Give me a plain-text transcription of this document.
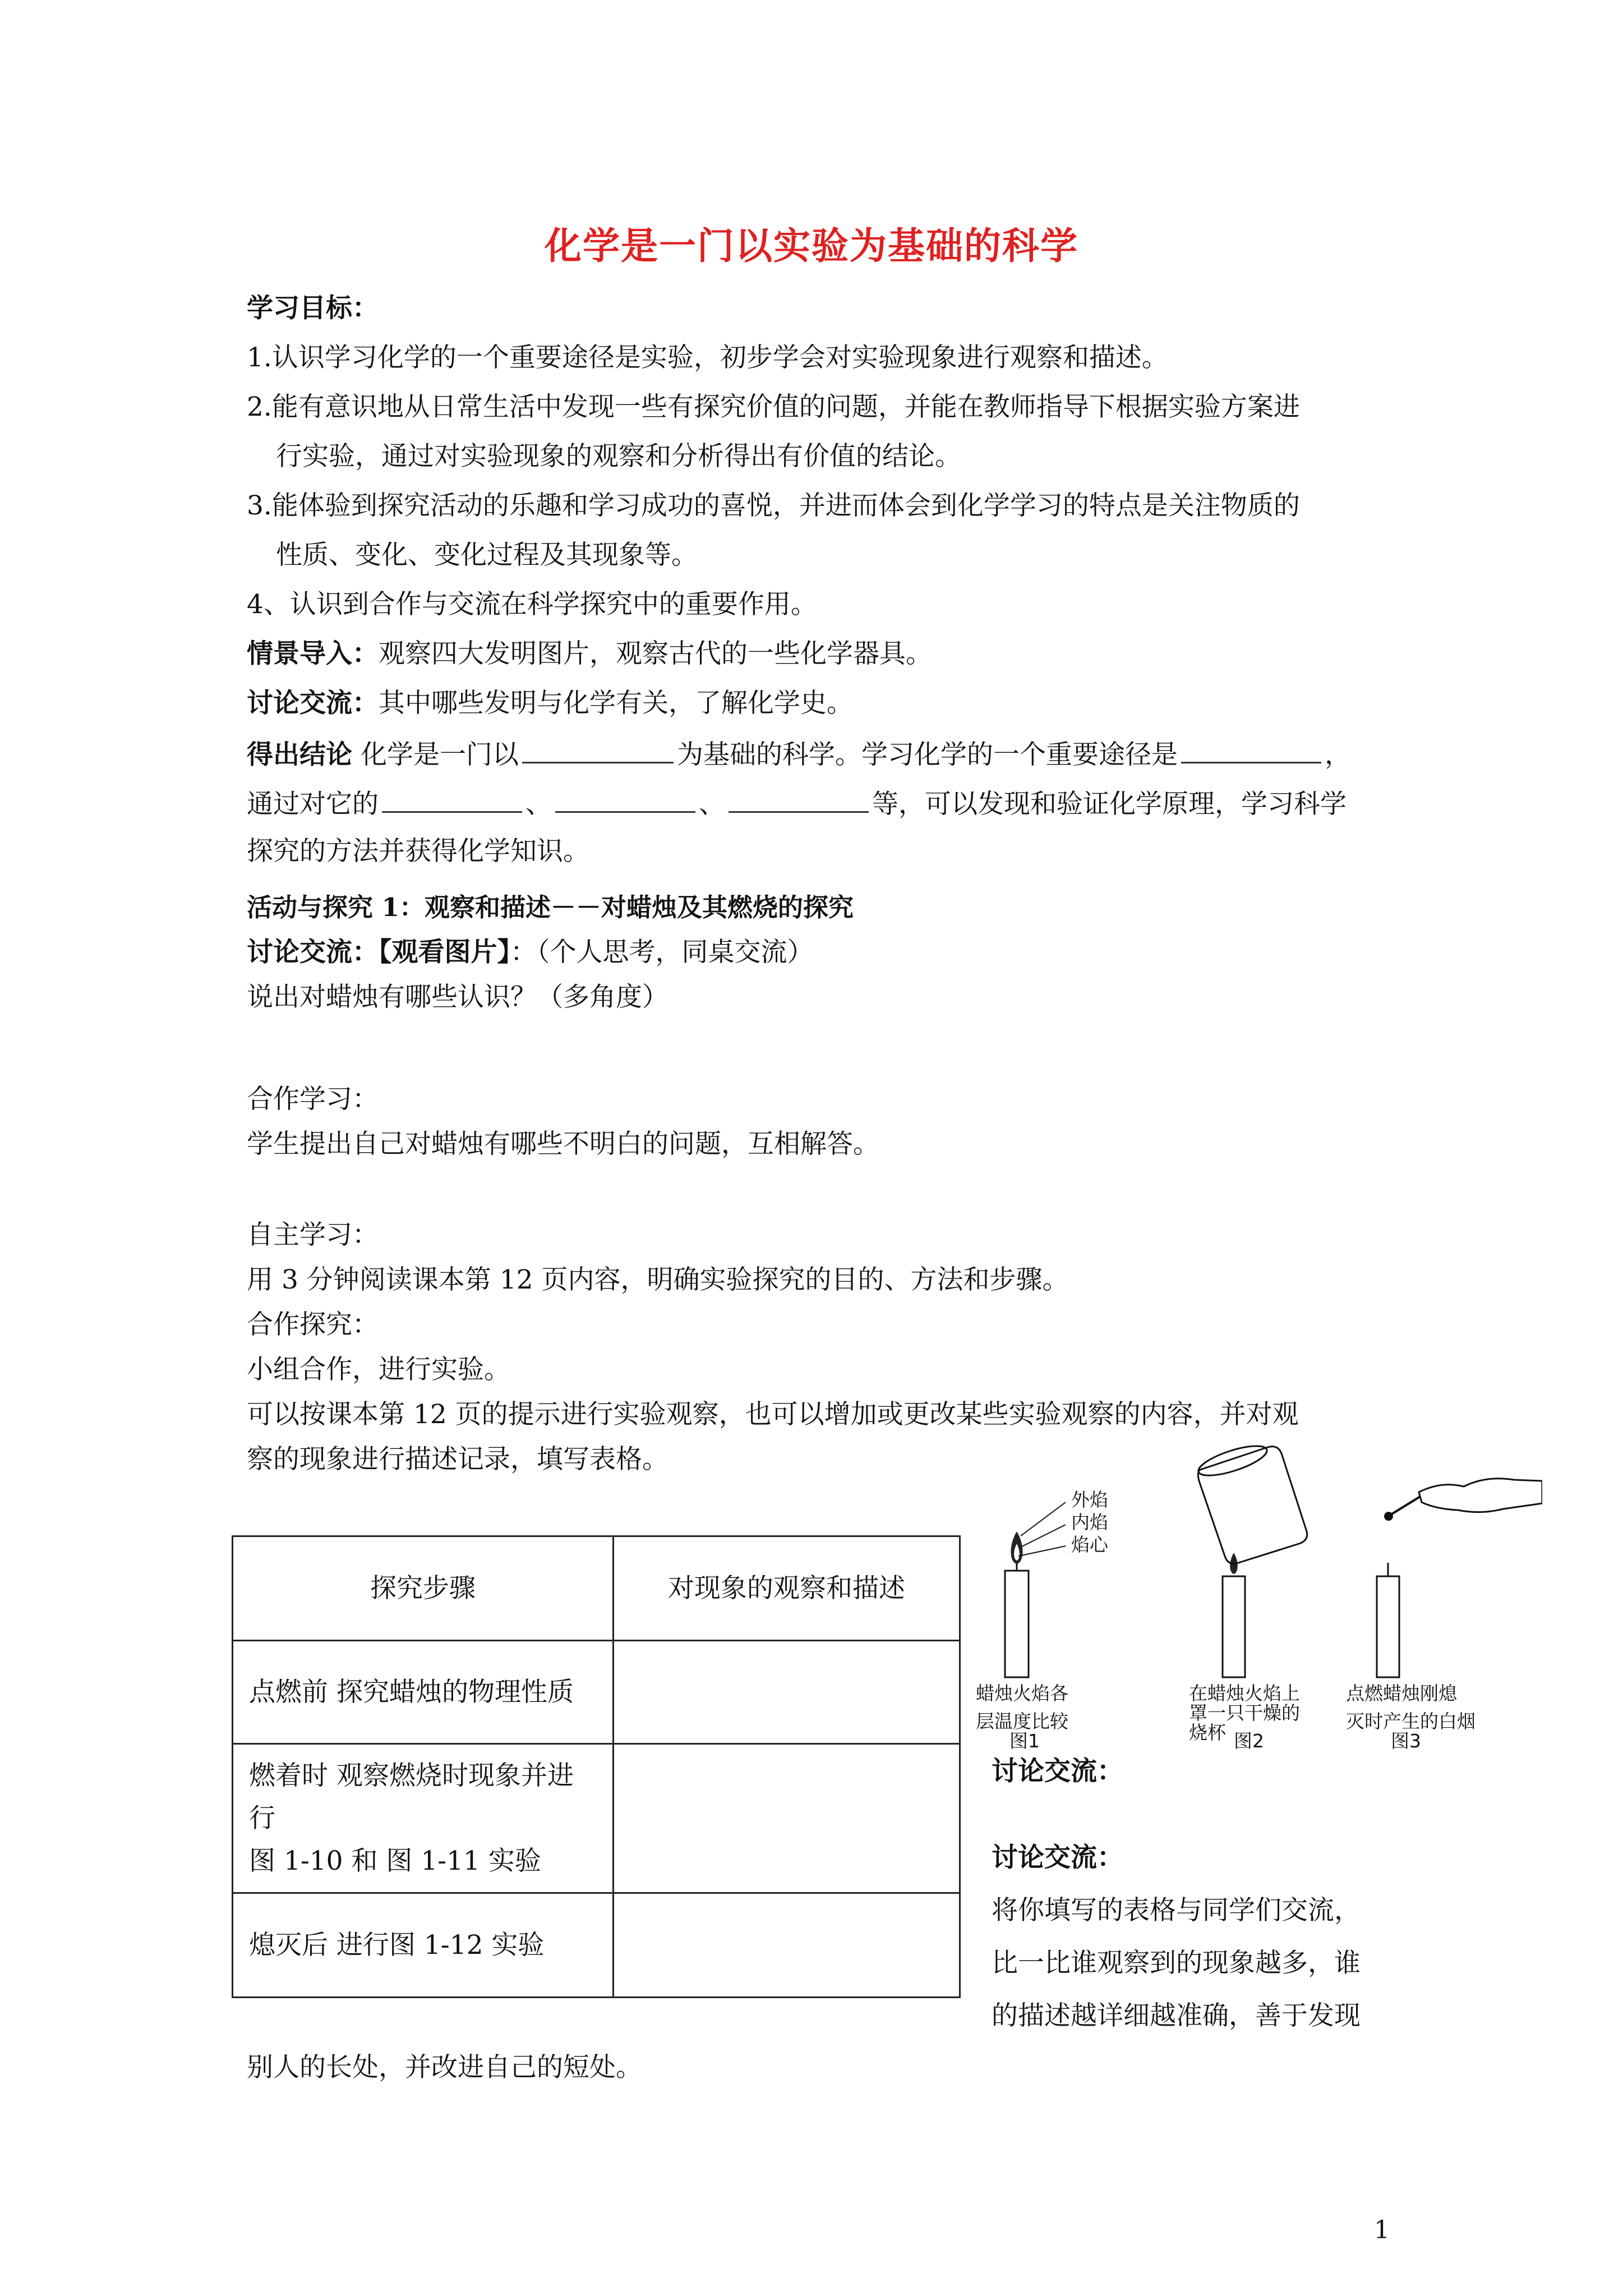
化学是一门以实验为基础的科学
学习目标：
1.认识学习化学的一个重要途径是实验，初步学会对实验现象进行观察和描述。
2.能有意识地从日常生活中发现一些有探究价值的问题，并能在教师指导下根据实验方案进
行实验，通过对实验现象的观察和分析得出有价值的结论。
3.能体验到探究活动的乐趣和学习成功的喜悦，并进而体会到化学学习的特点是关注物质的
性质、变化、变化过程及其现象等。
4、认识到合作与交流在科学探究中的重要作用。
情景导入：观察四大发明图片，观察古代的一些化学器具。
讨论交流：其中哪些发明与化学有关，了解化学史。
得出结论 化学是一门以	为基础的科学。学习化学的一个重要途径是	，
通过对它的	、	、	等，可以发现和验证化学原理，学习科学
探究的方法并获得化学知识。
活动与探究 1：观察和描述－－对蜡烛及其燃烧的探究
讨论交流：【观看图片】：（个人思考，同桌交流）
说出对蜡烛有哪些认识？（多角度）
合作学习：
学生提出自己对蜡烛有哪些不明白的问题，互相解答。
自主学习：
用 3 分钟阅读课本第 12 页内容，明确实验探究的目的、方法和步骤。
合作探究：
小组合作，进行实验。
可以按课本第 12 页的提示进行实验观察，也可以增加或更改某些实验观察的内容，并对观
察的现象进行描述记录，填写表格。
探究步骤	对现象的观察和描述
点燃前 探究蜡烛的物理性质	

燃着时 观察燃烧时现象并进行
图 1-10 和 图 1-11 实验	

熄灭后 进行图 1-12 实验	
外焰
内焰
焰心
蜡烛火焰各
层温度比较
图1
在蜡烛火焰上
罩一只干燥的
烧杯 图2
点燃蜡烛刚熄
灭时产生的白烟
图3
讨论交流：
讨论交流：
将你填写的表格与同学们交流，
比一比谁观察到的现象越多，谁
的描述越详细越准确，善于发现
别人的长处，并改进自己的短处。
1
